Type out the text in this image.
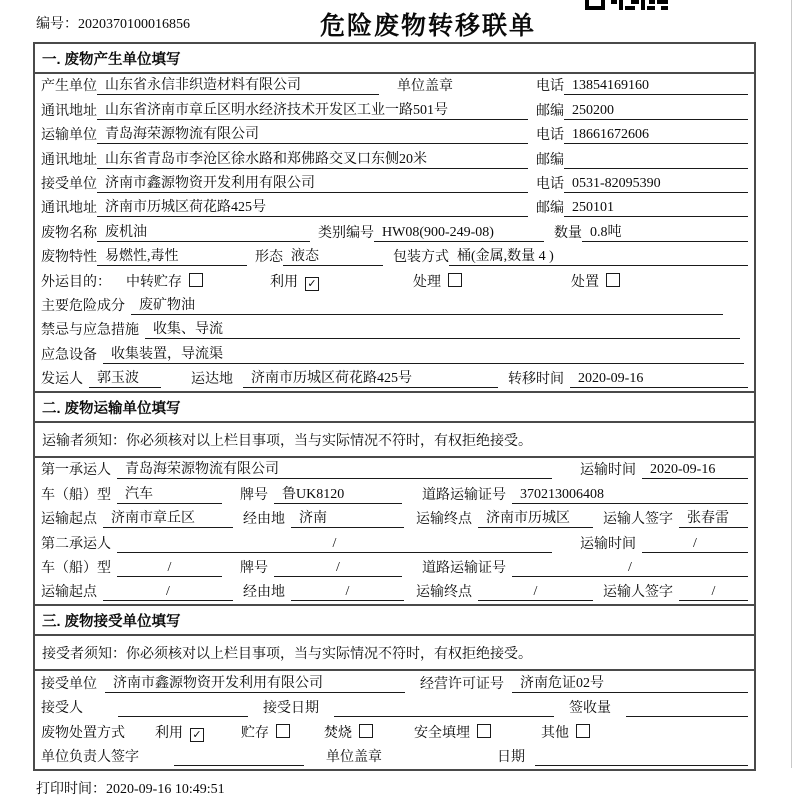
编号：2020370100016856	危险废物转移联单
一. 废物产生单位填写
产生单位 山东省永信非织造材料有限公司	单位盖章	电话 13854169160
通讯地址 山东省济南市章丘区明水经济技术开发区工业一路501号	邮编 250200
运输单位 青岛海荣源物流有限公司	电话 18661672606
通讯地址 山东省青岛市李沧区徐水路和郑佛路交叉口东侧20米	邮编
接受单位 济南市鑫源物资开发利用有限公司	电话 0531-82095390
通讯地址 济南市历城区荷花路425号	邮编 250101
废物名称 废机油	类别编号 HW08(900-249-08)	数量 0.8吨
废物特性 易燃性,毒性	形态 液态	包装方式 桶(金属,数量 4 )
外运目的： 中转贮存	利用 ✓	处理	处置
主要危险成分	废矿物油
禁忌与应急措施	收集、导流
应急设备	收集装置，导流渠
发运人	郭玉波	运达地	济南市历城区荷花路425号	转移时间	2020-09-16
二. 废物运输单位填写
运输者须知：你必须核对以上栏目事项，当与实际情况不符时，有权拒绝接受。
第一承运人	青岛海荣源物流有限公司	运输时间	2020-09-16
车（船）型	汽车	牌号	鲁UK8120	道路运输证号	370213006408
运输起点	济南市章丘区	经由地	济南	运输终点	济南市历城区	运输人签字	张春雷
第二承运人	/	运输时间	/
车（船）型	/	牌号	/	道路运输证号	/
运输起点	/	经由地	/	运输终点	/	运输人签字	/
三. 废物接受单位填写
接受者须知：你必须核对以上栏目事项，当与实际情况不符时，有权拒绝接受。
接受单位	济南市鑫源物资开发利用有限公司	经营许可证号	济南危证02号
接受人	接受日期	签收量
废物处置方式 利用 ✓	贮存	焚烧	安全填埋	其他
单位负责人签字	单位盖章	日期
打印时间：2020-09-16 10:49:51
